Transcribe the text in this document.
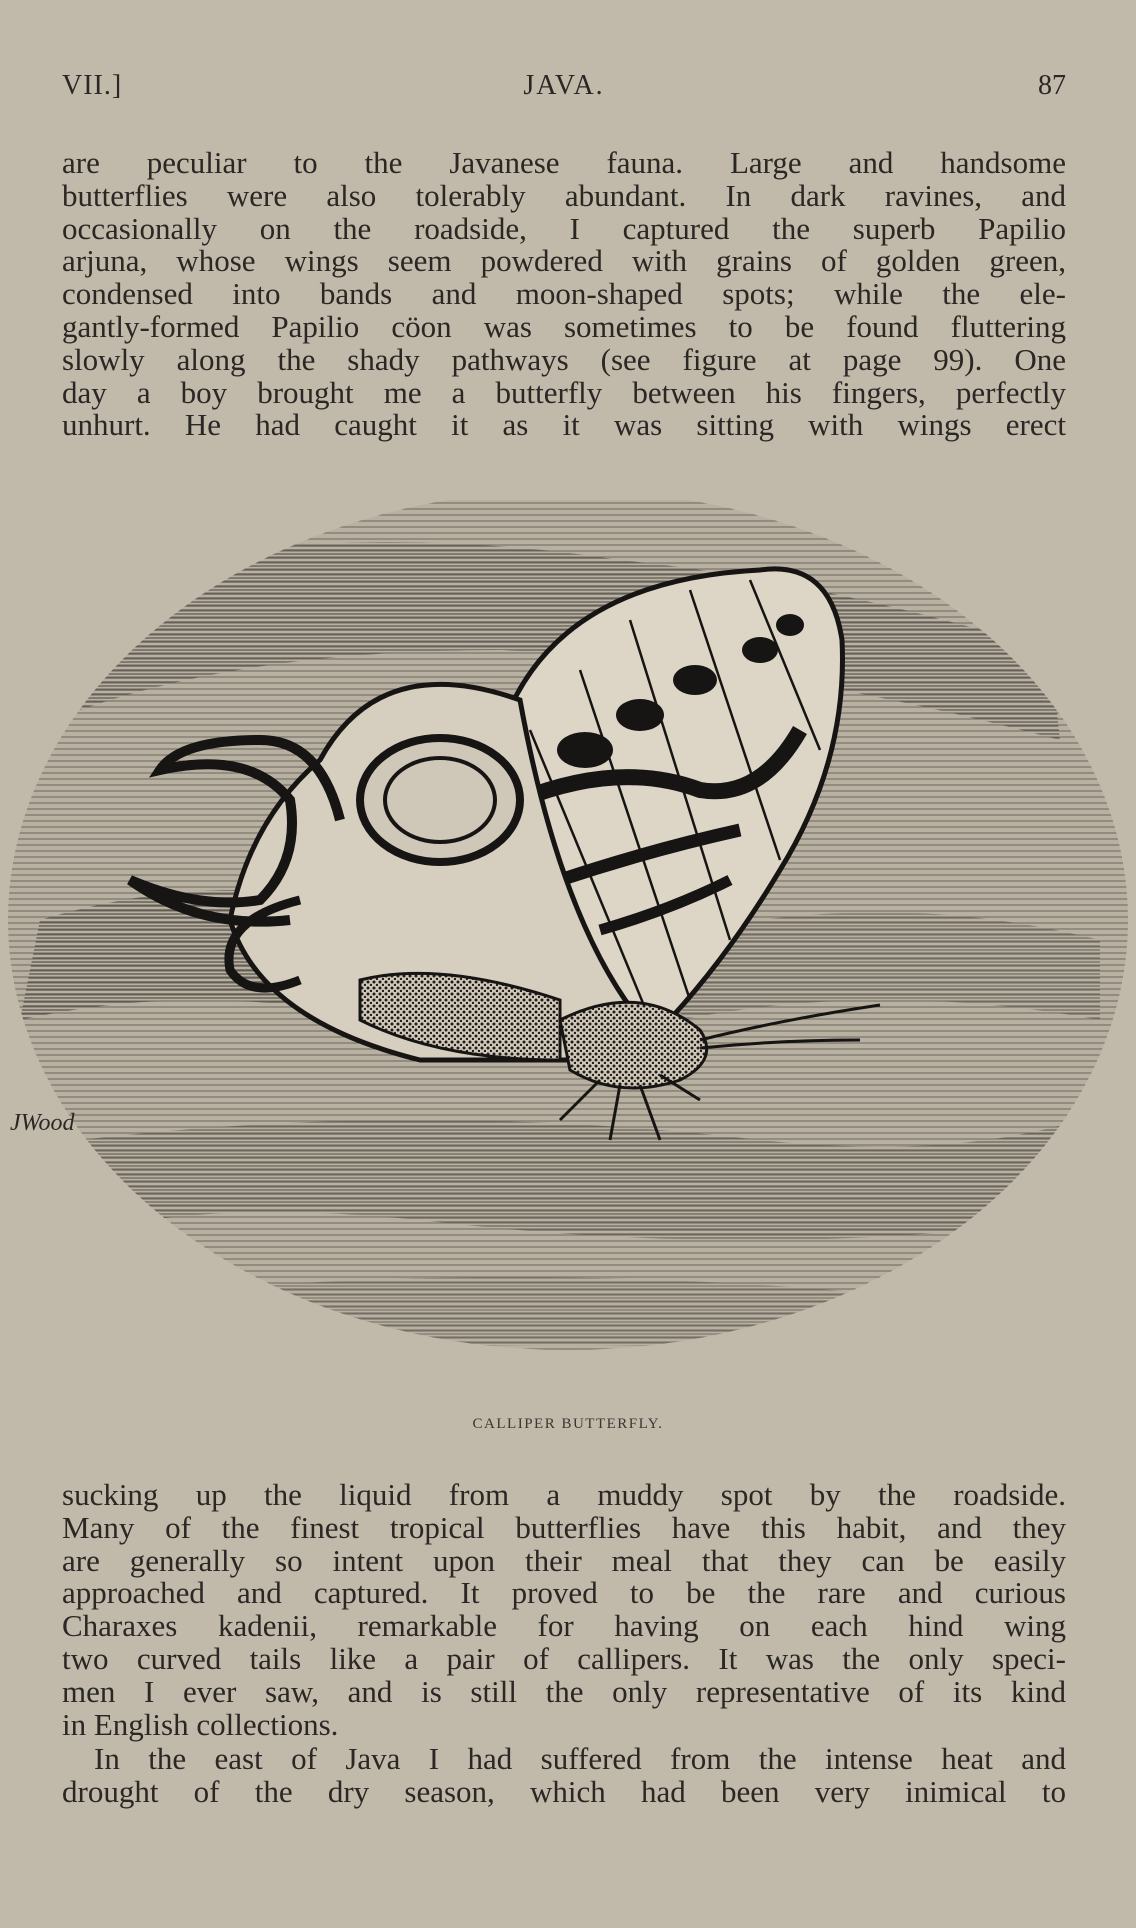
VII.]	JAVA.	87
are peculiar to the Javanese fauna. Large and handsome
butterflies were also tolerably abundant. In dark ravines, and
occasionally on the roadside, I captured the superb Papilio
arjuna, whose wings seem powdered with grains of golden green,
condensed into bands and moon-shaped spots; while the ele-
gantly-formed Papilio cöon was sometimes to be found fluttering
slowly along the shady pathways (see figure at page 99). One
day a boy brought me a butterfly between his fingers, perfectly
unhurt. He had caught it as it was sitting with wings erect
JWood
CALLIPER BUTTERFLY.
sucking up the liquid from a muddy spot by the roadside.
Many of the finest tropical butterflies have this habit, and they
are generally so intent upon their meal that they can be easily
approached and captured. It proved to be the rare and curious
Charaxes kadenii, remarkable for having on each hind wing
two curved tails like a pair of callipers. It was the only speci-
men I ever saw, and is still the only representative of its kind
in English collections.
In the east of Java I had suffered from the intense heat and
drought of the dry season, which had been very inimical to
